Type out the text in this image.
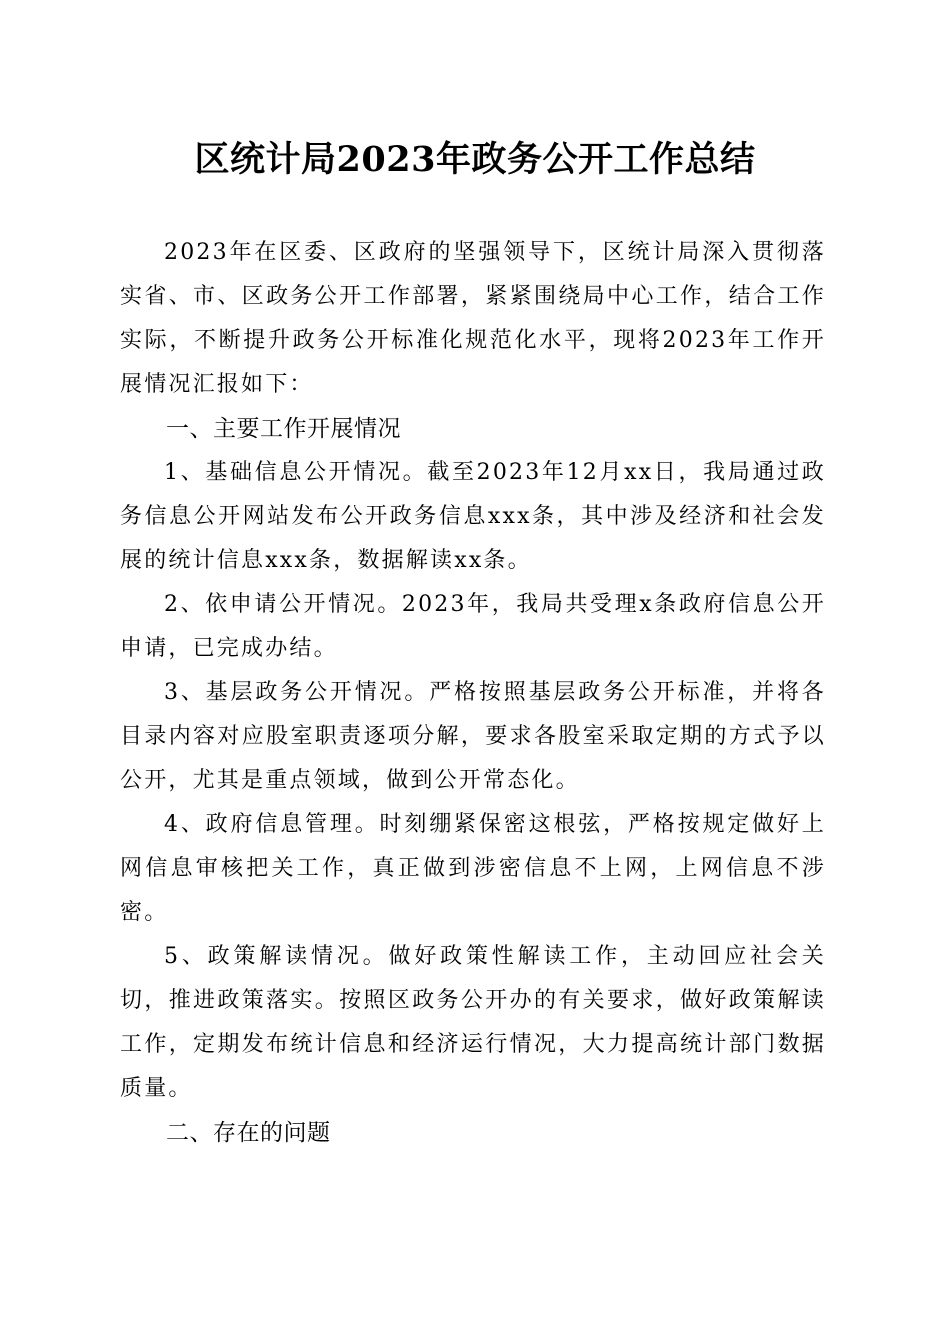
区统计局2023年政务公开工作总结

2023年在区委、区政府的坚强领导下，区统计局深入贯彻落实省、市、区政务公开工作部署，紧紧围绕局中心工作，结合工作实际，不断提升政务公开标准化规范化水平，现将2023年工作开展情况汇报如下：

一、主要工作开展情况

1、基础信息公开情况。截至2023年12月xx日，我局通过政务信息公开网站发布公开政务信息xxx条，其中涉及经济和社会发展的统计信息xxx条，数据解读xx条。

2、依申请公开情况。2023年，我局共受理x条政府信息公开申请，已完成办结。

3、基层政务公开情况。严格按照基层政务公开标准，并将各目录内容对应股室职责逐项分解，要求各股室采取定期的方式予以公开，尤其是重点领域，做到公开常态化。

4、政府信息管理。时刻绷紧保密这根弦，严格按规定做好上网信息审核把关工作，真正做到涉密信息不上网，上网信息不涉密。

5、政策解读情况。做好政策性解读工作，主动回应社会关切，推进政策落实。按照区政务公开办的有关要求，做好政策解读工作，定期发布统计信息和经济运行情况，大力提高统计部门数据质量。

二、存在的问题
